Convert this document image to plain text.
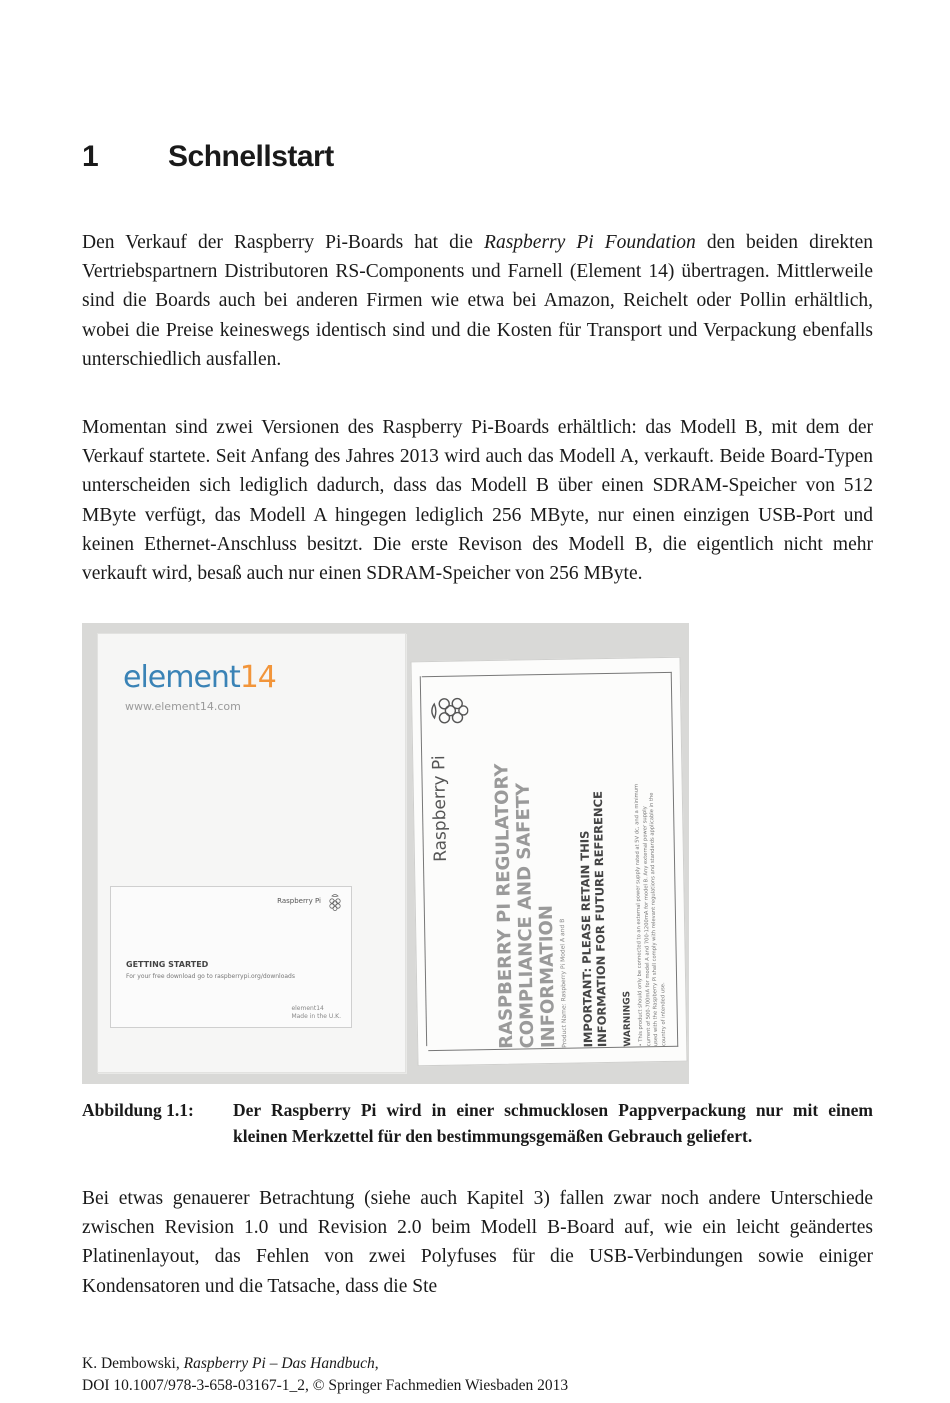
1 Schnellstart

Den Verkauf der Raspberry Pi-Boards hat die Raspberry Pi Foundation den beiden direkten Vertriebspartnern Distributoren RS-Components und Farnell (Element 14) übertragen. Mittlerweile sind die Boards auch bei anderen Firmen wie etwa bei Amazon, Reichelt oder Pollin erhältlich, wobei die Preise keineswegs identisch sind und die Kosten für Transport und Verpackung ebenfalls unterschiedlich ausfallen.

Momentan sind zwei Versionen des Raspberry Pi-Boards erhältlich: das Modell B, mit dem der Verkauf startete. Seit Anfang des Jahres 2013 wird auch das Modell A, verkauft. Beide Board-Typen unterscheiden sich lediglich dadurch, dass das Modell B über einen SDRAM-Speicher von 512 MByte verfügt, das Modell A hingegen lediglich 256 MByte, nur einen einzigen USB-Port und keinen Ethernet-Anschluss besitzt. Die erste Revison des Modell B, die eigentlich nicht mehr verkauft wird, besaß auch nur einen SDRAM-Speicher von 256 MByte.

element14
www.element14.com
Raspberry Pi
GETTING STARTED
For your free download go to raspberrypi.org/downloads
element14
Made in the U.K.
Raspberry Pi RASPBERRY PI REGULATORY
COMPLIANCE AND SAFETY
INFORMATION Product Name: Raspberry Pi Model A and B IMPORTANT: PLEASE RETAIN THIS
INFORMATION FOR FUTURE REFERENCE WARNINGS • This product should only be connected to an external power supply rated at 5V dc, and a minimum
current of 500-700mA for model A and 700-1200mA for model B. Any external power supply
used with the Raspberry Pi shall comply with relevant regulations and standards applicable in the country of intended use.
Abbildung 1.1: Der Raspberry Pi wird in einer schmucklosen Pappverpackung nur mit einem kleinen Merkzettel für den bestimmungsgemäßen Gebrauch geliefert.

Bei etwas genauerer Betrachtung (siehe auch Kapitel 3) fallen zwar noch andere Unterschiede zwischen Revision 1.0 und Revision 2.0 beim Modell B-Board auf, wie ein leicht geändertes Platinenlayout, das Fehlen von zwei Polyfuses für die USB-Verbindungen sowie einiger Kondensatoren und die Tatsache, dass die Ste

K. Dembowski, Raspberry Pi – Das Handbuch,
DOI 10.1007/978-3-658-03167-1_2, © Springer Fachmedien Wiesbaden 2013
